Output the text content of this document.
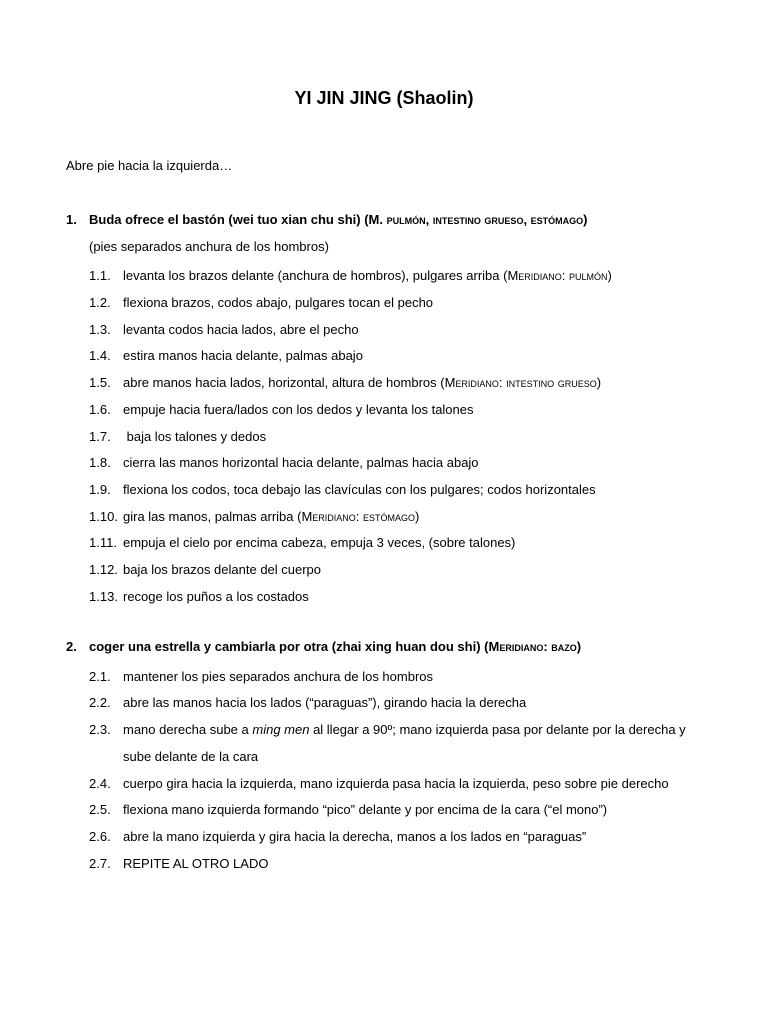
YI JIN JING (Shaolin)
Abre pie hacia la izquierda…
1. Buda ofrece el bastón (wei tuo xian chu shi) (M. pulmón, intestino grueso, estómago)
(pies separados anchura de los hombros)
1.1. levanta los brazos delante (anchura de hombros), pulgares arriba (Meridiano: pulmón)
1.2. flexiona brazos, codos abajo, pulgares tocan el pecho
1.3. levanta codos hacia lados, abre el pecho
1.4. estira manos hacia delante, palmas abajo
1.5. abre manos hacia lados, horizontal, altura de hombros (Meridiano: intestino grueso)
1.6. empuje hacia fuera/lados con los dedos y levanta los talones
1.7. baja los talones y dedos
1.8. cierra las manos horizontal hacia delante, palmas hacia abajo
1.9. flexiona los codos, toca debajo las clavículas con los pulgares; codos horizontales
1.10. gira las manos, palmas arriba (Meridiano: estómago)
1.11. empuja el cielo por encima cabeza, empuja 3 veces, (sobre talones)
1.12. baja los brazos delante del cuerpo
1.13. recoge los puños a los costados
2. coger una estrella y cambiarla por otra (zhai xing huan dou shi) (Meridiano: bazo)
2.1. mantener los pies separados anchura de los hombros
2.2. abre las manos hacia los lados (“paraguas”), girando hacia la derecha
2.3. mano derecha sube a ming men al llegar a 90º; mano izquierda pasa por delante por la derecha y sube delante de la cara
2.4. cuerpo gira hacia la izquierda, mano izquierda pasa hacia la izquierda, peso sobre pie derecho
2.5. flexiona mano izquierda formando “pico” delante y por encima de la cara (“el mono”)
2.6. abre la mano izquierda y gira hacia la derecha, manos a los lados en “paraguas”
2.7. REPITE AL OTRO LADO
